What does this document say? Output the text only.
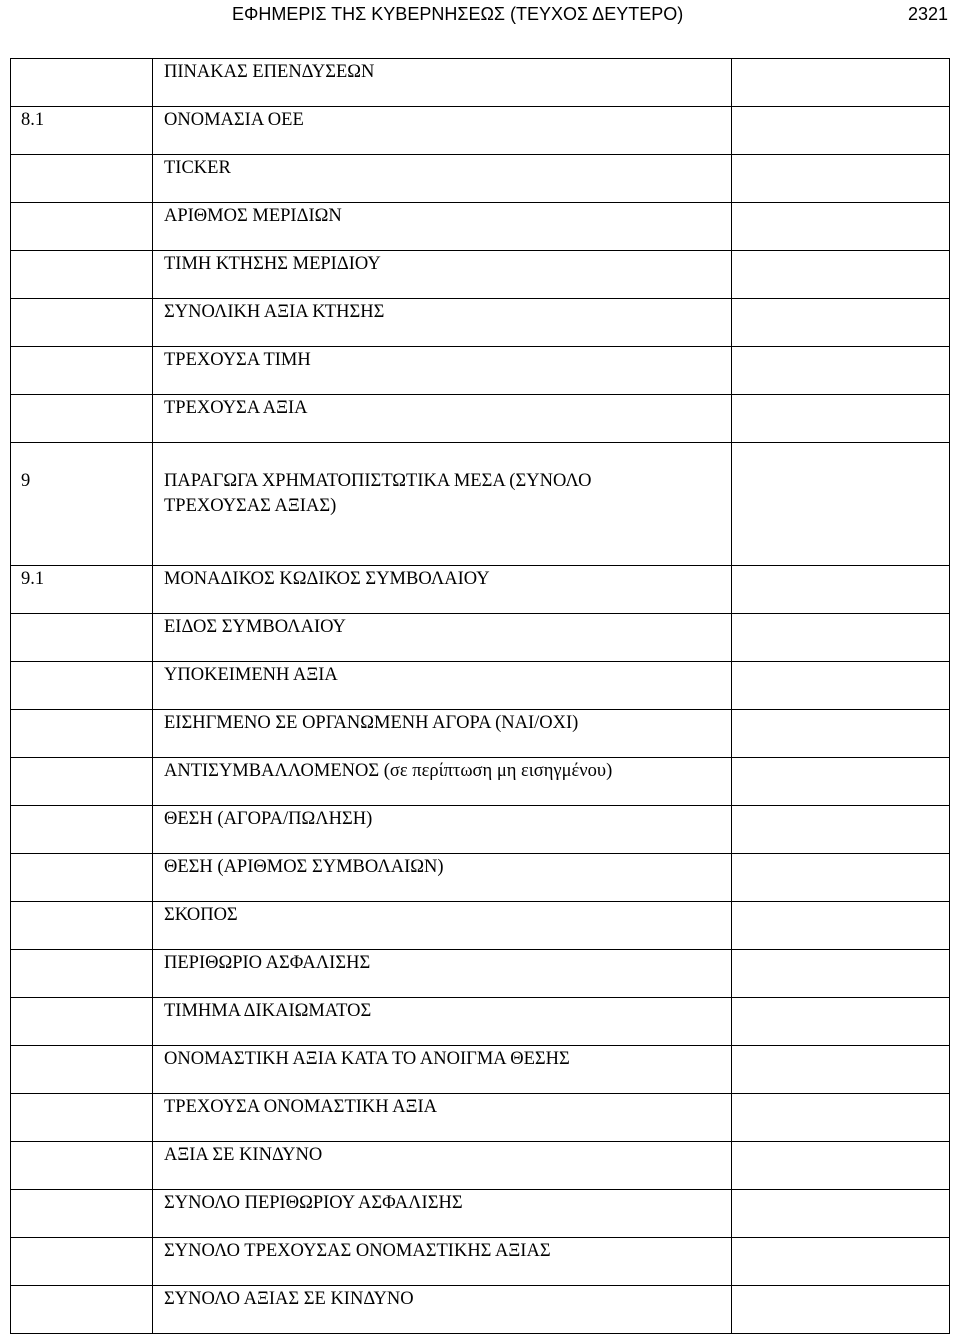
ΕΦΗΜΕΡΙΣ ΤΗΣ ΚΥΒΕΡΝΗΣΕΩΣ (ΤΕΥΧΟΣ ΔΕΥΤΕΡΟ)	2321

	ΠΙΝΑΚΑΣ ΕΠΕΝΔΥΣΕΩΝ	

8.1	ΟΝΟΜΑΣΙΑ ΟΕΕ	

	TICKER	

	ΑΡΙΘΜΟΣ ΜΕΡΙΔΙΩΝ	

	ΤΙΜΗ ΚΤΗΣΗΣ ΜΕΡΙΔΙΟΥ	

	ΣΥΝΟΛΙΚΗ ΑΞΙΑ ΚΤΗΣΗΣ	

	ΤΡΕΧΟΥΣΑ ΤΙΜΗ	

	ΤΡΕΧΟΥΣΑ ΑΞΙΑ	

9	ΠΑΡΑΓΩΓΑ ΧΡΗΜΑΤΟΠΙΣΤΩΤΙΚΑ ΜΕΣΑ (ΣΥΝΟΛΟ
ΤΡΕΧΟΥΣΑΣ ΑΞΙΑΣ)	

9.1	ΜΟΝΑΔΙΚΟΣ ΚΩΔΙΚΟΣ ΣΥΜΒΟΛΑΙΟΥ	

	ΕΙΔΟΣ ΣΥΜΒΟΛΑΙΟΥ	

	ΥΠΟΚΕΙΜΕΝΗ ΑΞΙΑ	

	ΕΙΣΗΓΜΕΝΟ ΣΕ ΟΡΓΑΝΩΜΕΝΗ ΑΓΟΡΑ (ΝΑΙ/ΟΧΙ)	

	ΑΝΤΙΣΥΜΒΑΛΛΟΜΕΝΟΣ (σε περίπτωση μη εισηγμένου)	

	ΘΕΣΗ (ΑΓΟΡΑ/ΠΩΛΗΣΗ)	

	ΘΕΣΗ (ΑΡΙΘΜΟΣ ΣΥΜΒΟΛΑΙΩΝ)	

	ΣΚΟΠΟΣ	

	ΠΕΡΙΘΩΡΙΟ ΑΣΦΑΛΙΣΗΣ	

	ΤΙΜΗΜΑ ΔΙΚΑΙΩΜΑΤΟΣ	

	ΟΝΟΜΑΣΤΙΚΗ ΑΞΙΑ ΚΑΤΑ ΤΟ ΑΝΟΙΓΜΑ ΘΕΣΗΣ	

	ΤΡΕΧΟΥΣΑ ΟΝΟΜΑΣΤΙΚΗ ΑΞΙΑ	

	ΑΞΙΑ ΣΕ ΚΙΝΔΥΝΟ	

	ΣΥΝΟΛΟ ΠΕΡΙΘΩΡΙΟΥ ΑΣΦΑΛΙΣΗΣ	

	ΣΥΝΟΛΟ ΤΡΕΧΟΥΣΑΣ ΟΝΟΜΑΣΤΙΚΗΣ ΑΞΙΑΣ	

	ΣΥΝΟΛΟ ΑΞΙΑΣ ΣΕ ΚΙΝΔΥΝΟ	
